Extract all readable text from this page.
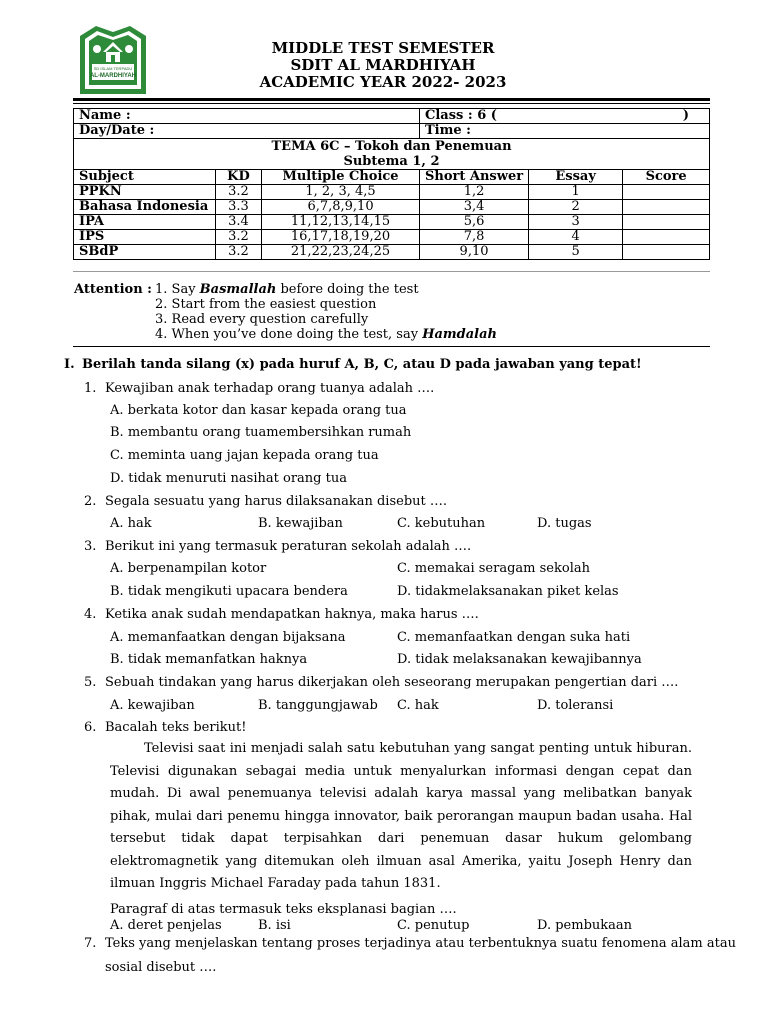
SD ISLAM TERPADU
AL-MARDHIYAH
MIDDLE TEST SEMESTER
SDIT AL MARDHIYAH
ACADEMIC YEAR 2022- 2023
Name :			Class : 6 ( )		

Day/Date :			Time :		

TEMA 6C – Tokoh dan Penemuan
Subtema 1, 2					

Subject	KD	Multiple Choice	Short Answer	Essay	Score
PPKN	3.2	1, 2, 3, 4,5	1,2	1	
Bahasa Indonesia	3.3	6,7,8,9,10	3,4	2	
IPA	3.4	11,12,13,14,15	5,6	3	
IPS	3.2	16,17,18,19,20	7,8	4	
SBdP	3.2	21,22,23,24,25	9,10	5	
Attention : 1. Say Basmallah before doing the test
2. Start from the easiest question
3. Read every question carefully
4. When you’ve done doing the test, say Hamdalah
I. Berilah tanda silang (x) pada huruf A, B, C, atau D pada jawaban yang tepat!
1. Kewajiban anak terhadap orang tuanya adalah ….
A. berkata kotor dan kasar kepada orang tua
B. membantu orang tuamembersihkan rumah
C. meminta uang jajan kepada orang tua
D. tidak menuruti nasihat orang tua
2. Segala sesuatu yang harus dilaksanakan disebut ….
A. hak	B. kewajiban	C. kebutuhan	D. tugas
3. Berikut ini yang termasuk peraturan sekolah adalah ….
A. berpenampilan kotor	C. memakai seragam sekolah
B. tidak mengikuti upacara bendera	D. tidakmelaksanakan piket kelas
4. Ketika anak sudah mendapatkan haknya, maka harus ….
A. memanfaatkan dengan bijaksana	C. memanfaatkan dengan suka hati
B. tidak memanfatkan haknya	D. tidak melaksanakan kewajibannya
5. Sebuah tindakan yang harus dikerjakan oleh seseorang merupakan pengertian dari ….
A. kewajiban	B. tanggungjawab C. hak	D. toleransi
6. Bacalah teks berikut!
Televisi saat ini menjadi salah satu kebutuhan yang sangat penting untuk hiburan. Televisi digunakan sebagai media untuk menyalurkan informasi dengan cepat dan mudah. Di awal penemuanya televisi adalah karya massal yang melibatkan banyak pihak, mulai dari penemu hingga innovator, baik perorangan maupun badan usaha. Hal tersebut tidak dapat terpisahkan dari penemuan dasar hukum gelombang elektromagnetik yang ditemukan oleh ilmuan asal Amerika, yaitu Joseph Henry dan ilmuan Inggris Michael Faraday pada tahun 1831.
Paragraf di atas termasuk teks eksplanasi bagian ….
A. deret penjelas	B. isi	C. penutup	D. pembukaan
7. Teks yang menjelaskan tentang proses terjadinya atau terbentuknya suatu fenomena alam atau
sosial disebut ….
